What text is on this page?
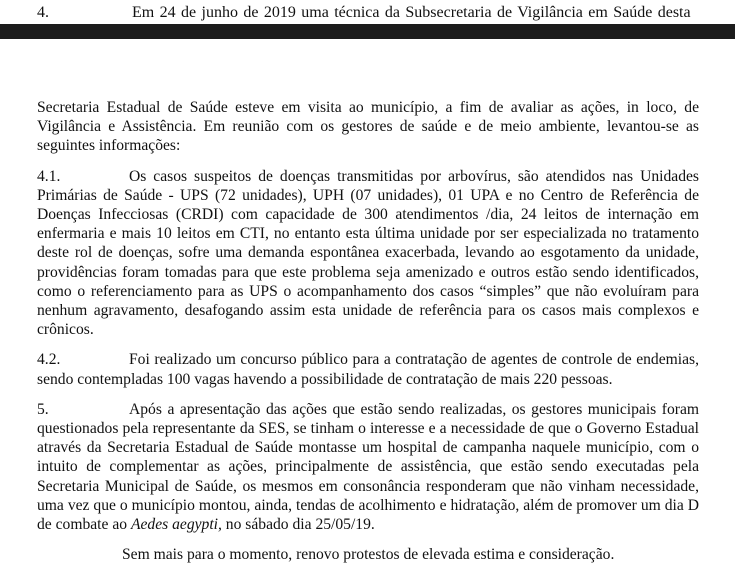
4.	Em 24 de junho de 2019 uma técnica da Subsecretaria de Vigilância em Saúde desta

Secretaria Estadual de Saúde esteve em visita ao município, a fim de avaliar as ações, in loco, de Vigilância e Assistência. Em reunião com os gestores de saúde e de meio ambiente, levantou-se as seguintes informações:

4.1.	Os casos suspeitos de doenças transmitidas por arbovírus, são atendidos nas Unidades Primárias de Saúde - UPS (72 unidades), UPH (07 unidades), 01 UPA e no Centro de Referência de Doenças Infecciosas (CRDI) com capacidade de 300 atendimentos /dia, 24 leitos de internação em enfermaria e mais 10 leitos em CTI, no entanto esta última unidade por ser especializada no tratamento deste rol de doenças, sofre uma demanda espontânea exacerbada, levando ao esgotamento da unidade, providências foram tomadas para que este problema seja amenizado e outros estão sendo identificados, como o referenciamento para as UPS o acompanhamento dos casos “simples” que não evoluíram para nenhum agravamento, desafogando assim esta unidade de referência para os casos mais complexos e crônicos.

4.2.	Foi realizado um concurso público para a contratação de agentes de controle de endemias, sendo contempladas 100 vagas havendo a possibilidade de contratação de mais 220 pessoas.

5.	Após a apresentação das ações que estão sendo realizadas, os gestores municipais foram questionados pela representante da SES, se tinham o interesse e a necessidade de que o Governo Estadual através da Secretaria Estadual de Saúde montasse um hospital de campanha naquele município, com o intuito de complementar as ações, principalmente de assistência, que estão sendo executadas pela Secretaria Municipal de Saúde, os mesmos em consonância responderam que não vinham necessidade, uma vez que o município montou, ainda, tendas de acolhimento e hidratação, além de promover um dia D de combate ao Aedes aegypti, no sábado dia 25/05/19.

Sem mais para o momento, renovo protestos de elevada estima e consideração.
